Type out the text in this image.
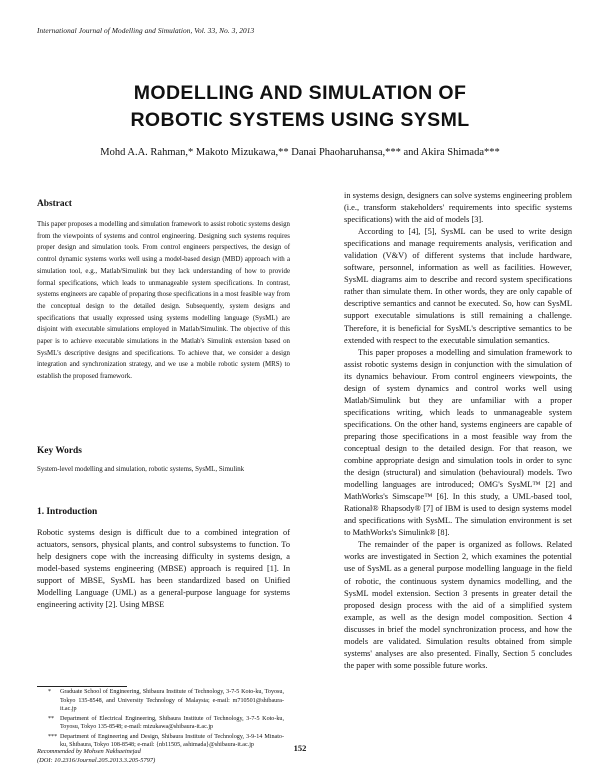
International Journal of Modelling and Simulation, Vol. 33, No. 3, 2013
MODELLING AND SIMULATION OF
ROBOTIC SYSTEMS USING SYSML
Mohd A.A. Rahman,* Makoto Mizukawa,** Danai Phaoharuhansa,*** and Akira Shimada***
Abstract
This paper proposes a modelling and simulation framework to assist robotic systems design from the viewpoints of systems and control engineering. Designing such systems requires proper design and simulation tools. From control engineers perspectives, the design of control dynamic systems works well using a model-based design (MBD) approach with a simulation tool, e.g., Matlab/Simulink but they lack understanding of how to provide formal specifications, which leads to unmanageable system specifications. In contrast, systems engineers are capable of preparing those specifications in a most feasible way from the conceptual design to the detailed design. Subsequently, system designs and specifications that usually expressed using systems modelling language (SysML) are disjoint with executable simulations employed in Matlab/Simulink. The objective of this paper is to achieve executable simulations in the Matlab's Simulink extension based on SysML's descriptive designs and specifications. To achieve that, we consider a design integration and synchronization strategy, and we use a mobile robotic system (MRS) to establish the proposed framework.
Key Words
System-level modelling and simulation, robotic systems, SysML, Simulink
1. Introduction

Robotic systems design is difficult due to a combined integration of actuators, sensors, physical plants, and control subsystems to function. To help designers cope with the increasing difficulty in systems design, a model-based systems engineering (MBSE) approach is required [1]. In support of MBSE, SysML has been standardized based on Unified Modelling Language (UML) as a general-purpose language for systems engineering activity [2]. Using MBSE

* Graduate School of Engineering, Shibaura Institute of Technology, 3-7-5 Koto-ku, Toyosu, Tokyo 135-8548, and University Technology of Malaysia; e-mail: m710501@shibaura-it.ac.jp
** Department of Electrical Engineering, Shibaura Institute of Technology, 3-7-5 Koto-ku, Toyosu, Tokyo 135-8548; e-mail: mizukawa@shibaura-it.ac.jp
*** Department of Engineering and Design, Shibaura Institute of Technology, 3-9-14 Minato-ku, Shibaura, Tokyo 108-8548; e-mail: {nb11505, ashimada}@shibaura-it.ac.jp
Recommended by Mohsen Nakhaeinejad
(DOI: 10.2316/Journal.205.2013.3.205-5797)

in systems design, designers can solve systems engineering problem (i.e., transform stakeholders' requirements into specific systems specifications) with the aid of models [3].

According to [4], [5], SysML can be used to write design specifications and manage requirements analysis, verification and validation (V&V) of different systems that include hardware, software, personnel, information as well as facilities. However, SysML diagrams aim to describe and record system specifications rather than simulate them. In other words, they are only capable of descriptive semantics and cannot be executed. So, how can SysML support executable simulations is still remaining a challenge. Therefore, it is beneficial for SysML's descriptive semantics to be extended with respect to the executable simulation semantics.

This paper proposes a modelling and simulation framework to assist robotic systems design in conjunction with the simulation of its dynamics behaviour. From control engineers viewpoints, the design of system dynamics and control works well using Matlab/Simulink but they are unfamiliar with a proper specifications writing, which leads to unmanageable system specifications. On the other hand, systems engineers are capable of preparing those specifications in a most feasible way from the conceptual design to the detailed design. For that reason, we combine appropriate design and simulation tools in order to sync the design (structural) and simulation (behavioural) models. Two modelling languages are introduced; OMG's SysML™ [2] and MathWorks's Simscape™ [6]. In this study, a UML-based tool, Rational® Rhapsody® [7] of IBM is used to design systems model and specifications with SysML. The simulation environment is set to MathWorks's Simulink® [8].

The remainder of the paper is organized as follows. Related works are investigated in Section 2, which examines the potential use of SysML as a general purpose modelling language in the field of robotic, the continuous system dynamics modelling, and the SysML model extension. Section 3 presents in greater detail the proposed design process with the aid of a simplified system example, as well as the design model composition. Section 4 discusses in brief the model synchronization process, and how the models are validated. Simulation results obtained from simple systems' analyses are also presented. Finally, Section 5 concludes the paper with some possible future works.

152
